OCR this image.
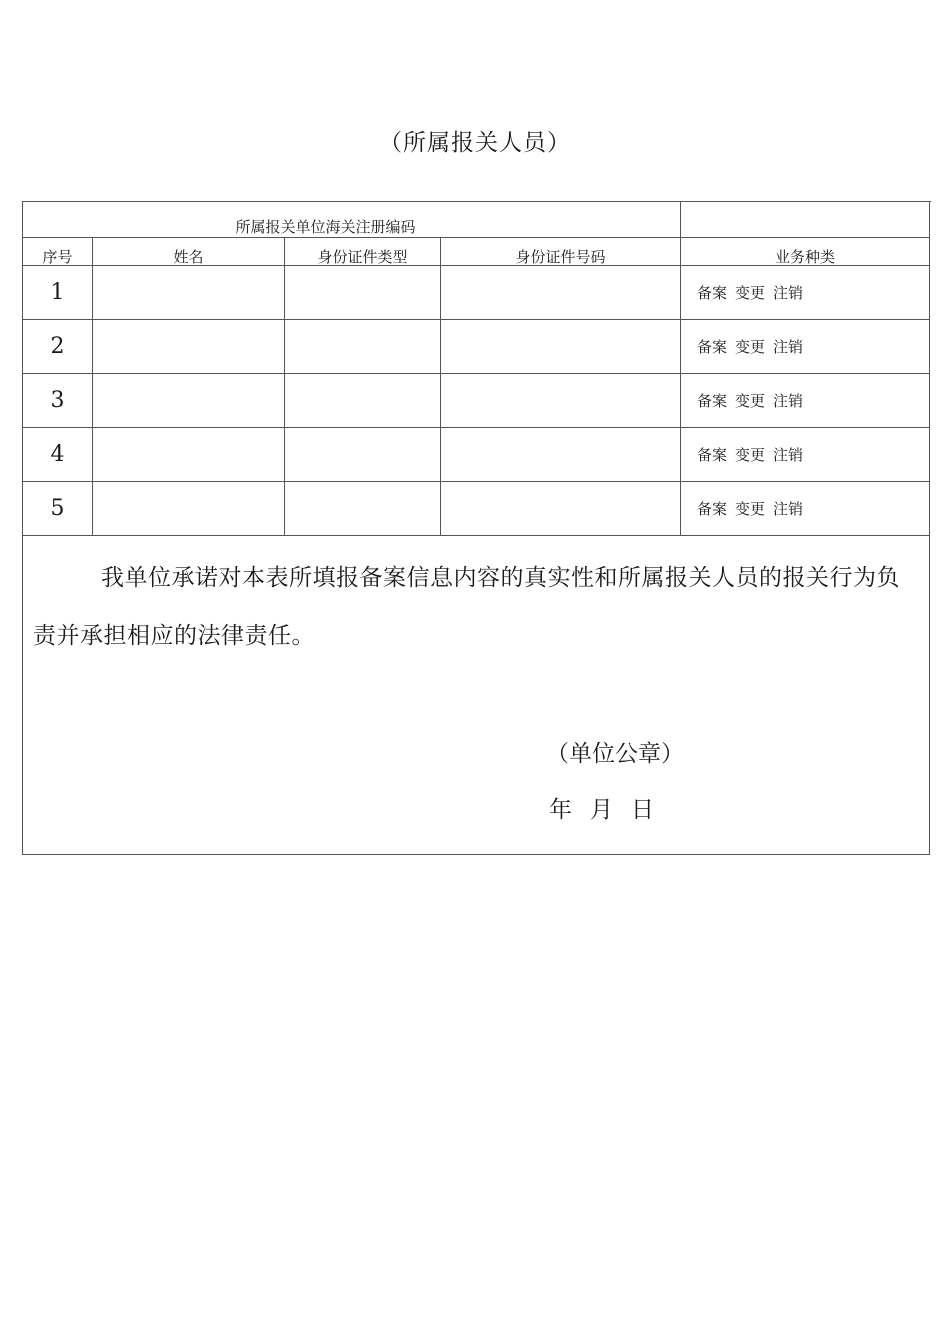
（所属报关人员）
所属报关单位海关注册编码				
序号	姓名	身份证件类型	身份证件号码	业务种类
1				备案 变更 注销
2				备案 变更 注销
3				备案 变更 注销
4				备案 变更 注销
5				备案 变更 注销

我单位承诺对本表所填报备案信息内容的真实性和所属报关人员的报关行为负责并承担相应的法律责任。
（单位公章）
年 月 日				
